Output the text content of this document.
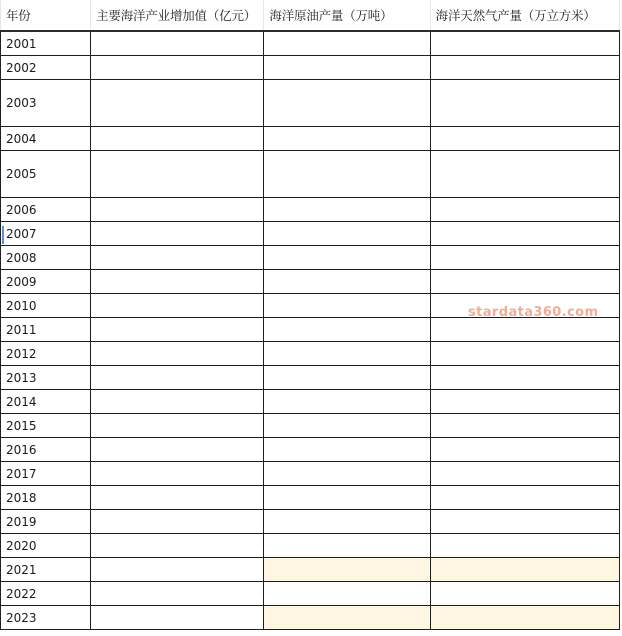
年份	主要海洋产业增加值（亿元）	海洋原油产量（万吨）	海洋天然气产量（万立方米）
2001			
2002			
2003			
2004			
2005			
2006			
2007			
2008			
2009			
2010			
2011			
2012			
2013			
2014			
2015			
2016			
2017			
2018			
2019			
2020			
2021			
2022			
2023			
stardata360.com
